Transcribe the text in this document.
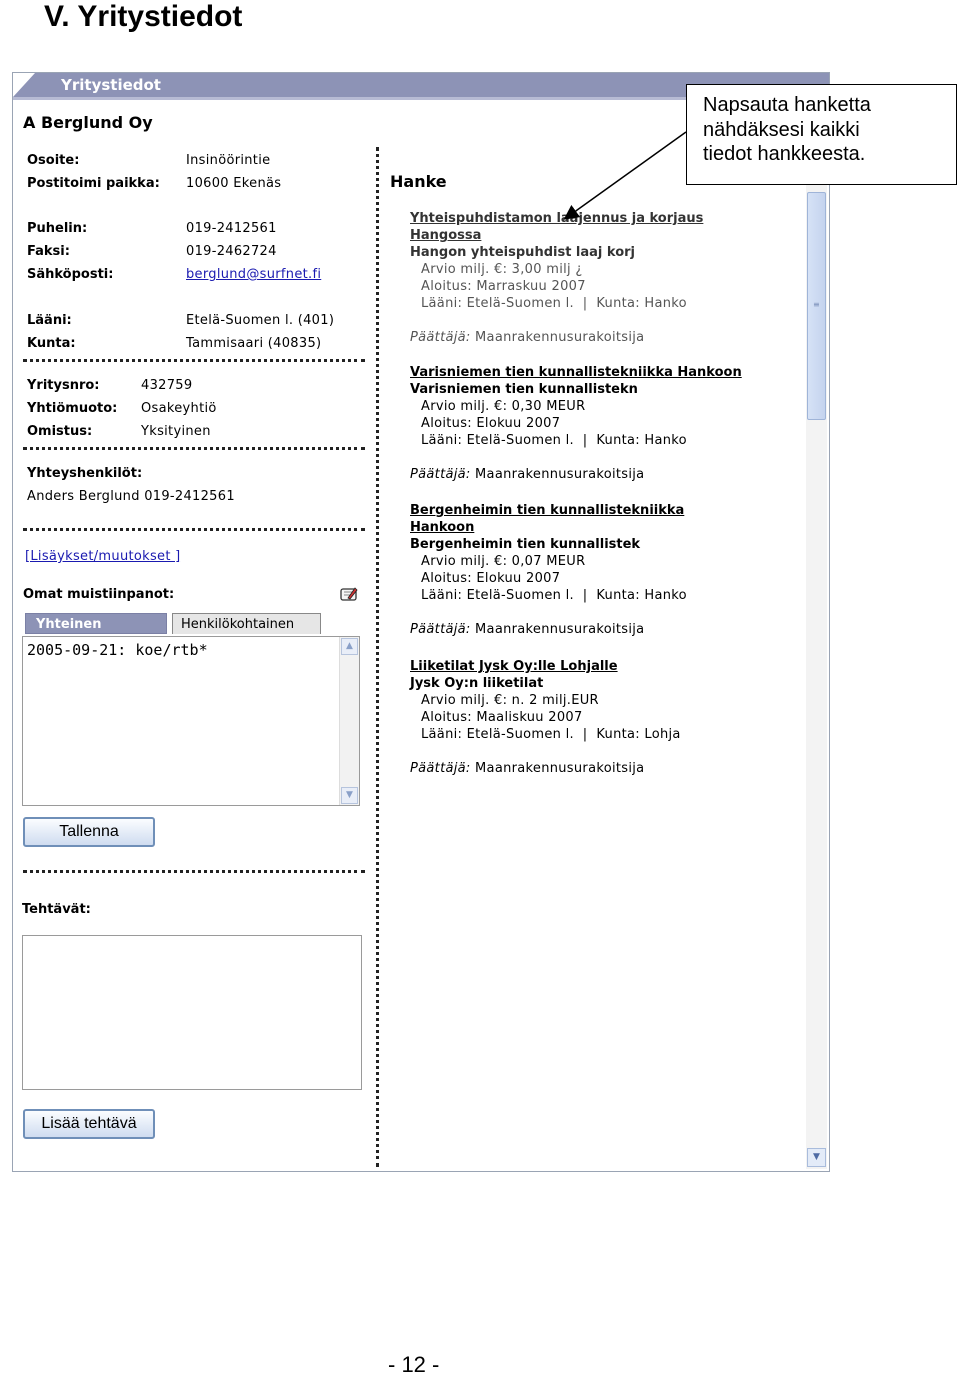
V. Yritystiedot
Yritystiedot
A Berglund Oy
Osoite:	Insinöörintie
Postitoimi paikka: 10600 Ekenäs
Puhelin:	019-2412561
Faksi:	019-2462724
Sähköposti:	berglund@surfnet.fi
Lääni:	Etelä-Suomen l. (401)
Kunta:	Tammisaari (40835)
Yritysnro:	432759
Yhtiömuoto: Osakeyhtiö
Omistus:	Yksityinen
Yhteyshenkilöt:
Anders Berglund 019-2412561
[Lisäykset/muutokset ]
Omat muistiinpanot:
Yhteinen	Henkilökohtainen
2005-09-21: koe/rtb*	▲
▼
Tallenna
Tehtävät:
Lisää tehtävä
Hanke
Yhteispuhdistamon laajennus ja korjaus
Hangossa
Hangon yhteispuhdist laaj korj
Arvio milj. €: 3,00 milj ¿
Aloitus: Marraskuu 2007
Lääni: Etelä-Suomen l.  |  Kunta: Hanko
Päättäjä: Maanrakennusurakoitsija
Varisniemen tien kunnallistekniikka Hankoon
Varisniemen tien kunnallistekn
Arvio milj. €: 0,30 MEUR
Aloitus: Elokuu 2007
Lääni: Etelä-Suomen l.  |  Kunta: Hanko
Päättäjä: Maanrakennusurakoitsija
Bergenheimin tien kunnallistekniikka
Hankoon
Bergenheimin tien kunnallistek
Arvio milj. €: 0,07 MEUR
Aloitus: Elokuu 2007
Lääni: Etelä-Suomen l.  |  Kunta: Hanko
Päättäjä: Maanrakennusurakoitsija
Liiketilat Jysk Oy:lle Lohjalle
Jysk Oy:n liiketilat
Arvio milj. €: n. 2 milj.EUR
Aloitus: Maaliskuu 2007
Lääni: Etelä-Suomen l.  |  Kunta: Lohja
Päättäjä: Maanrakennusurakoitsija
≡
▼
Napsauta hanketta
nähdäksesi kaikki
tiedot hankkeesta.
- 12 -
